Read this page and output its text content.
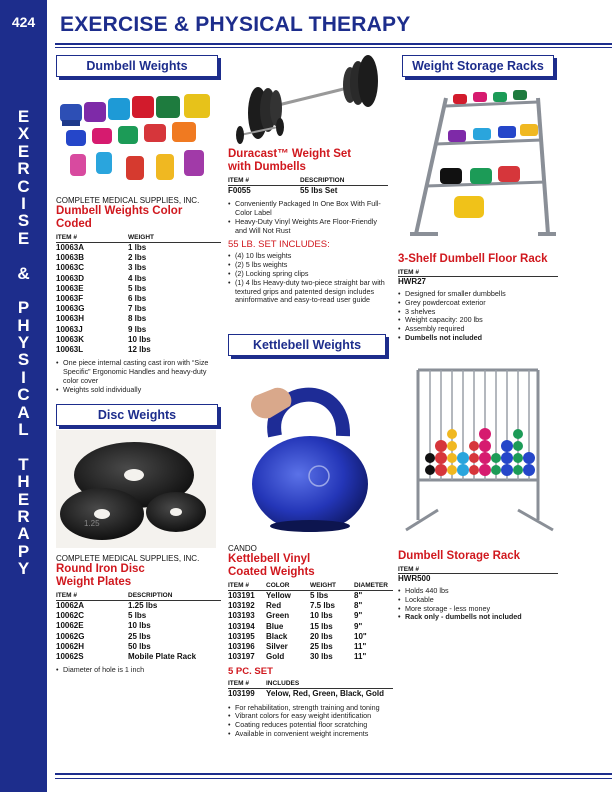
424
E
X
E
R
C
I
S
E
&
P
H
Y
S
I
C
A
L
T
H
E
R
A
P
Y
EXERCISE & PHYSICAL THERAPY
Dumbell Weights	Weight Storage Racks
Disc Weights
Kettlebell Weights
COMPLETE MEDICAL SUPPLIES, INC.
Dumbell Weights Color Coded
ITEM #	WEIGHT
10063A	1 lbs
10063B	2 lbs
10063C	3 lbs
10063D	4 lbs
10063E	5 lbs
10063F	6 lbs
10063G	7 lbs
10063H	8 lbs
10063J	9 lbs
10063K	10 lbs
10063L	12 lbs
• One piece internal casting cast iron with “Size Specific” Ergonomic Handles and heavy-duty color cover
• Weights sold individually
1.25
COMPLETE MEDICAL SUPPLIES, INC.
Round Iron Disc
Weight Plates
ITEM #	DESCRIPTION
10062A	1.25 lbs
10062C	5 lbs
10062E	10 lbs
10062G	25 lbs
10062H	50 lbs
10062S	Mobile Plate Rack
• Diameter of hole is 1 inch
Duracast™ Weight Set
with Dumbells
ITEM #	DESCRIPTION
F0055	55 lbs Set
• Conveniently Packaged In One Box With Full-Color Label
• Heavy-Duty Vinyl Weights Are Floor-Friendly and Will Not Rust
55 LB. SET INCLUDES:
• (4) 10 lbs weights
• (2) 5 lbs weights
• (2) Locking spring clips
• (1) 4 lbs Heavy-duty two-piece straight bar with textured grips and patented design includes aninformative and easy-to-read user guide
CANDO
Kettlebell Vinyl
Coated Weights
ITEM #	COLOR	WEIGHT	DIAMETER
103191	Yellow	5 lbs	8"
103192	Red	7.5 lbs	8"
103193	Green	10 lbs	9"
103194	Blue	15 lbs	9"
103195	Black	20 lbs	10"
103196	Silver	25 lbs	11"
103197	Gold	30 lbs	11"
5 PC. SET
ITEM #	INCLUDES
103199	Yelow, Red, Green, Black, Gold
• For rehabilitation, strength training and toning
• Vibrant colors for easy weight identification
• Coating reduces potential floor scratching
• Available in convenient weight increments
3-Shelf Dumbell Floor Rack
ITEM #
HWR27
• Designed for smaller dumbbells
• Grey powdercoat exterior
• 3 shelves
• Weight capacity: 200 lbs
• Assembly required
• Dumbells not included
Dumbell Storage Rack
ITEM #
HWR500
• Holds 440 lbs
• Lockable
• More storage - less money
• Rack only - dumbells not included
